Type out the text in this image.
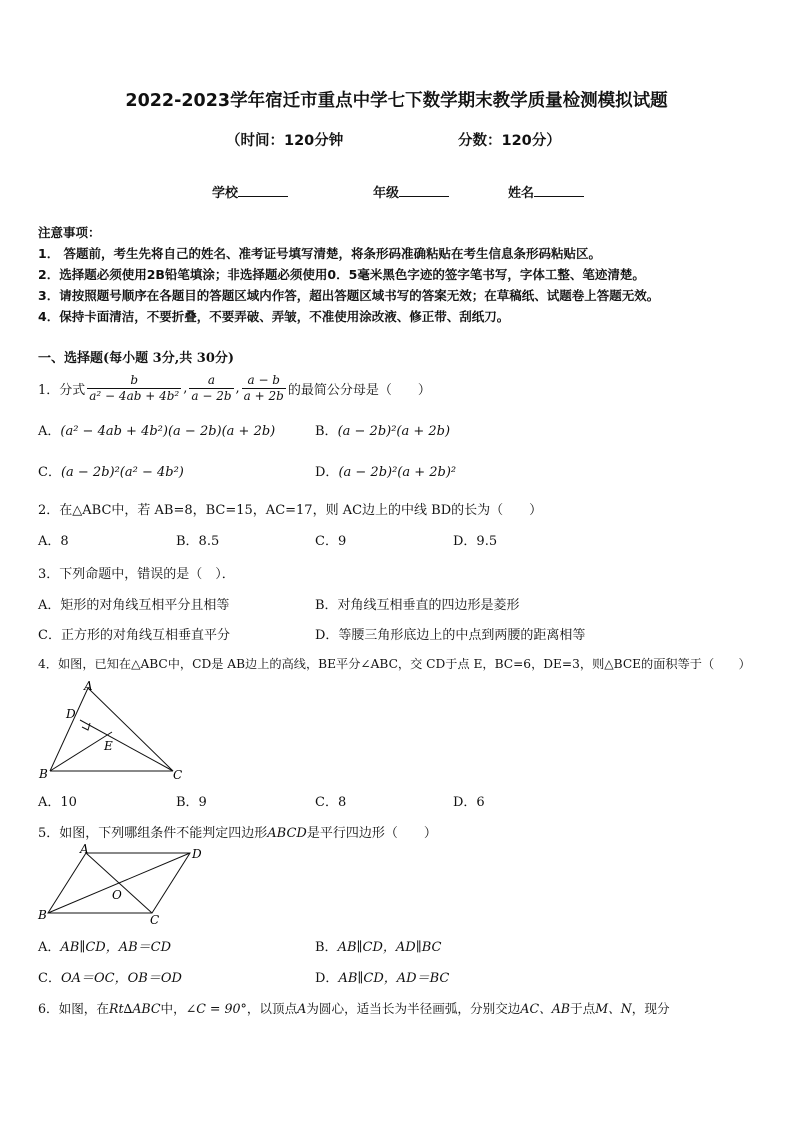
2022-2023学年宿迁市重点中学七下数学期末教学质量检测模拟试题
（时间：120分钟	分数：120分）
学校	年级	姓名
注意事项：
1． 答题前，考生先将自己的姓名、准考证号填写清楚，将条形码准确粘贴在考生信息条形码粘贴区。
2．选择题必须使用2B铅笔填涂；非选择题必须使用0．5毫米黑色字迹的签字笔书写，字体工整、笔迹清楚。
3．请按照题号顺序在各题目的答题区域内作答，超出答题区域书写的答案无效；在草稿纸、试题卷上答题无效。
4．保持卡面清洁，不要折叠，不要弄破、弄皱，不准使用涂改液、修正带、刮纸刀。
一、选择题(每小题 3分,共 30分)
1．分式 $\frac{b}{\text{a² − 4ab + 4b²}}$ , $\frac{a}{a - 2b}$ , $\frac{a - b}{a + 2b}$ 的最简公分母是（　　）
A．(a² − 4ab + 4b²)(a − 2b)(a + 2b)	B．(a − 2b)²(a + 2b)
C．(a − 2b)²(a² − 4b²)	D．(a − 2b)²(a + 2b)²
2．在△ABC中，若 AB=8，BC=15，AC=17，则 AC边上的中线 BD的长为（　　）
A．8	B．8.5	C．9	D．9.5
3．下列命题中，错误的是（　）．
A．矩形的对角线互相平分且相等	B．对角线互相垂直的四边形是菱形
C．正方形的对角线互相垂直平分	D．等腰三角形底边上的中点到两腰的距离相等
4．如图，已知在△ABC中，CD是 AB边上的高线，BE平分∠ABC，交 CD于点 E，BC=6，DE=3，则△BCE的面积等于（　　）
A
D
E
B	C
A．10	B．9	C．8	D．6
5．如图，下列哪组条件不能判定四边形ABCD是平行四边形（　　）
A	D
B	C
O
A．AB∥CD，AB＝CD	B．AB∥CD，AD∥BC
C．OA＝OC，OB＝OD	D．AB∥CD，AD＝BC
6．如图，在Rt∆ABC中，∠C = 90°，以顶点A为圆心，适当长为半径画弧，分别交边AC、AB于点M、N，现分
